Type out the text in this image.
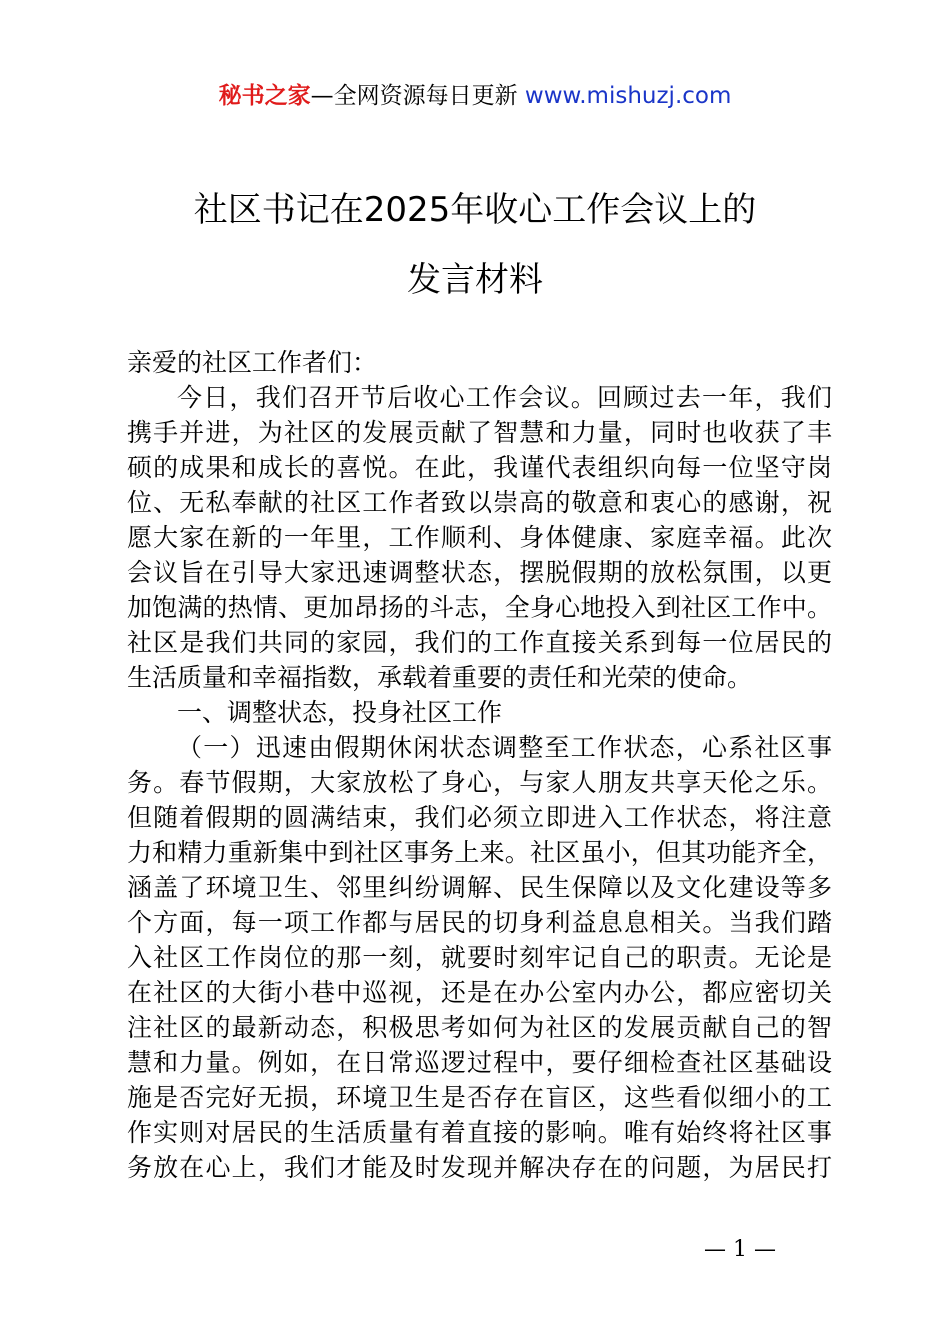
秘书之家—全网资源每日更新 www.mishuzj.com
社区书记在2025年收心工作会议上的
发言材料
亲爱的社区工作者们：
今日，我们召开节后收心工作会议。回顾过去一年，我们
携手并进，为社区的发展贡献了智慧和力量，同时也收获了丰
硕的成果和成长的喜悦。在此，我谨代表组织向每一位坚守岗
位、无私奉献的社区工作者致以崇高的敬意和衷心的感谢，祝
愿大家在新的一年里，工作顺利、身体健康、家庭幸福。此次
会议旨在引导大家迅速调整状态，摆脱假期的放松氛围，以更
加饱满的热情、更加昂扬的斗志，全身心地投入到社区工作中。
社区是我们共同的家园，我们的工作直接关系到每一位居民的
生活质量和幸福指数，承载着重要的责任和光荣的使命。
一、调整状态，投身社区工作
（一）迅速由假期休闲状态调整至工作状态，心系社区事
务。春节假期，大家放松了身心，与家人朋友共享天伦之乐。
但随着假期的圆满结束，我们必须立即进入工作状态，将注意
力和精力重新集中到社区事务上来。社区虽小，但其功能齐全，
涵盖了环境卫生、邻里纠纷调解、民生保障以及文化建设等多
个方面，每一项工作都与居民的切身利益息息相关。当我们踏
入社区工作岗位的那一刻，就要时刻牢记自己的职责。无论是
在社区的大街小巷中巡视，还是在办公室内办公，都应密切关
注社区的最新动态，积极思考如何为社区的发展贡献自己的智
慧和力量。例如，在日常巡逻过程中，要仔细检查社区基础设
施是否完好无损，环境卫生是否存在盲区，这些看似细小的工
作实则对居民的生活质量有着直接的影响。唯有始终将社区事
务放在心上，我们才能及时发现并解决存在的问题，为居民打
— 1 —
